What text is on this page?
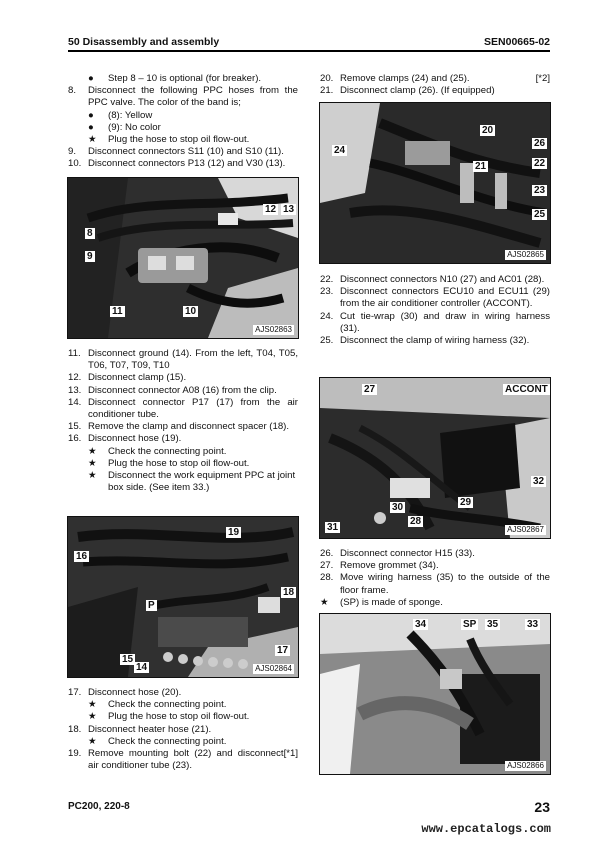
50 Disassembly and assembly	SEN00665-02

● Step 8 – 10 is optional (for breaker).

8. Disconnect the following PPC hoses from the PPC valve. The color of the band is;

● (8): Yellow

● (9): No color

★ Plug the hose to stop oil flow-out.

9. Disconnect connectors S11 (10) and S10 (11).

10. Disconnect connectors P13 (12) and V30 (13).

8
9
11	10
12 13
AJS02863

11. Disconnect ground (14). From the left, T04, T05, T06, T07, T09, T10

12. Disconnect clamp (15).

13. Disconnect connector A08 (16) from the clip.

14. Disconnect connector P17 (17) from the air conditioner tube.

15. Remove the clamp and disconnect spacer (18).

16. Disconnect hose (19).

★ Check the connecting point.

★ Plug the hose to stop oil flow-out.

★ Disconnect the work equipment PPC at joint box side. (See item 33.)

16
19
P
18
15
14
17
AJS02864

17. Disconnect hose (20).

★ Check the connecting point.

★ Plug the hose to stop oil flow-out.

18. Disconnect heater hose (21).

★ Check the connecting point.

19.	[*1]
Remove mounting bolt (22) and disconnect air conditioner tube (23).

20.	[*2]
Remove clamps (24) and (25).

21. Disconnect clamp (26). (If equipped)

20
24
26
21	22
23
25
AJS02865

22. Disconnect connectors N10 (27) and AC01 (28).

23. Disconnect connectors ECU10 and ECU11 (29) from the air conditioner controller (ACCONT).

24. Cut tie-wrap (30) and draw in wiring harness (31).

25. Disconnect the clamp of wiring harness (32).

27	ACCONT
32
29
30
31
28
AJS02867

26. Disconnect connector H15 (33).

27. Remove grommet (34).

28. Move wiring harness (35) to the outside of the floor frame.

★ (SP) is made of sponge.

34	SP 35	33
AJS02866
PC200, 220-8	23
www.epcatalogs.com
